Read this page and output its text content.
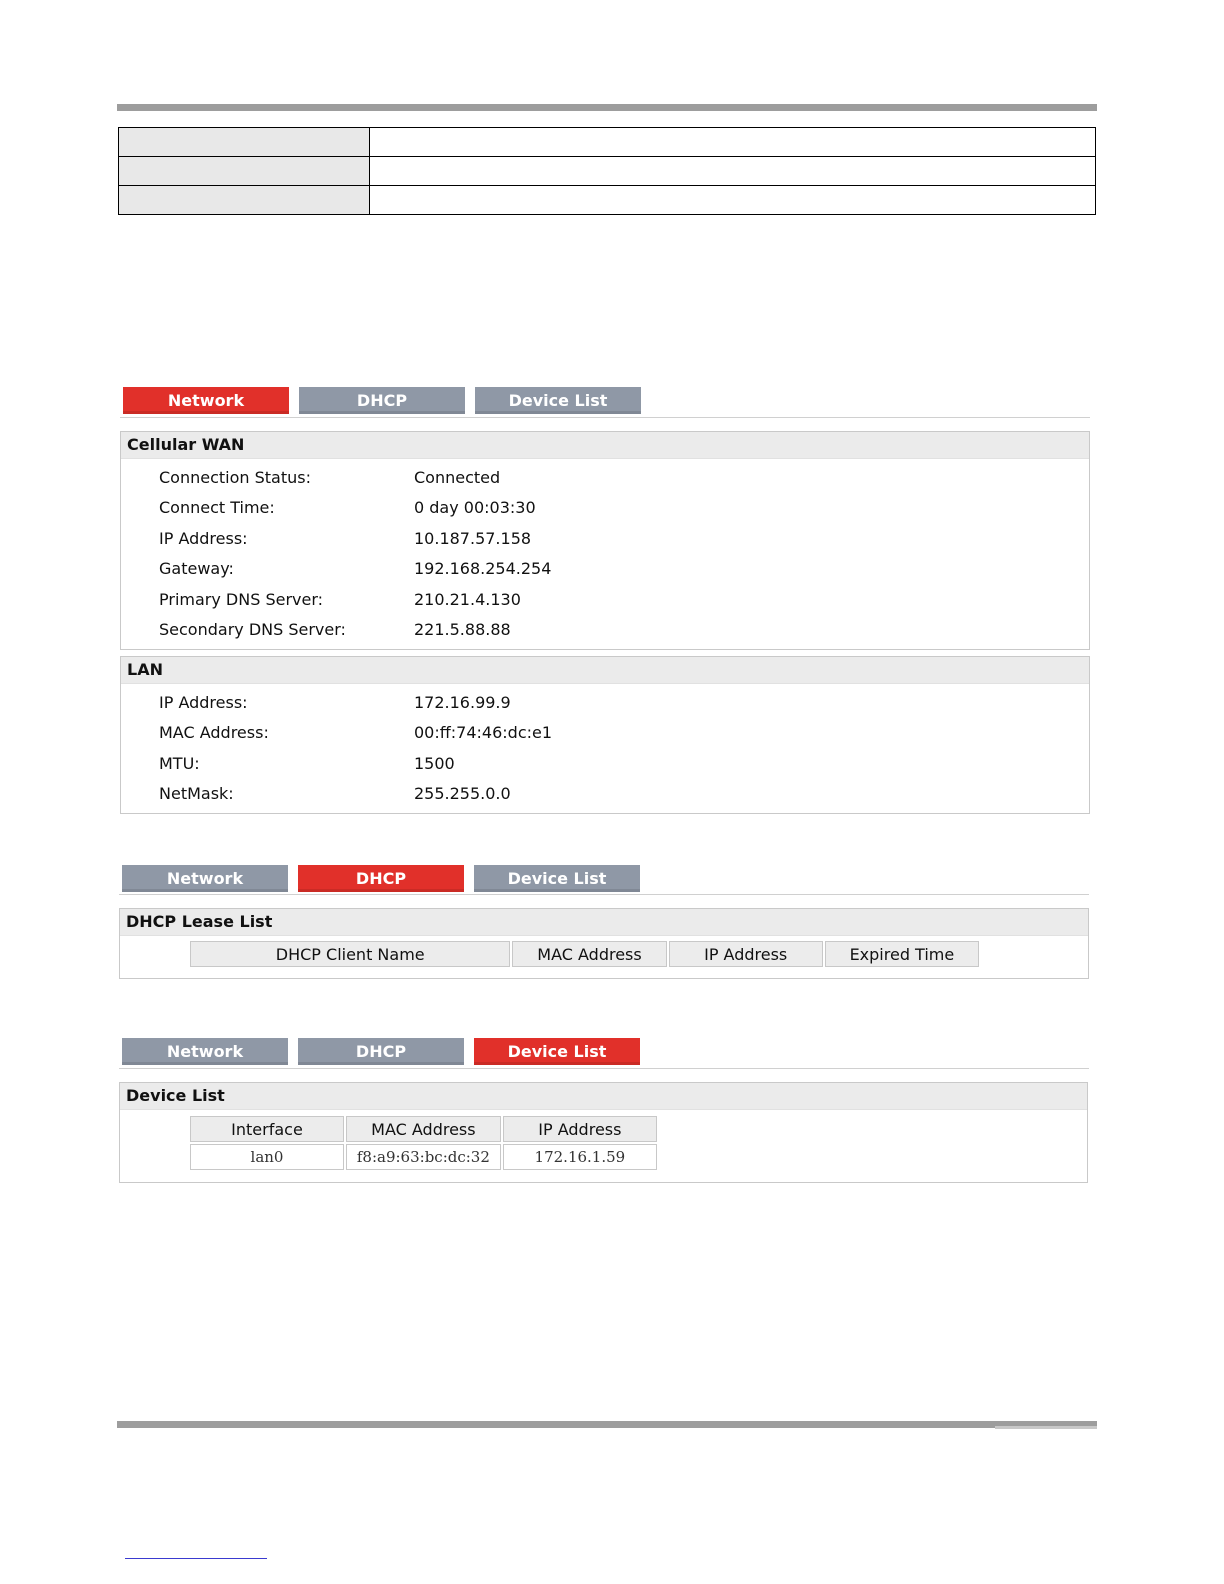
Network	DHCP	Device List
Cellular WAN
Connection Status:	Connected
Connect Time:	0 day 00:03:30
IP Address:	10.187.57.158
Gateway:	192.168.254.254
Primary DNS Server:	210.21.4.130
Secondary DNS Server:	221.5.88.88
LAN
IP Address:	172.16.99.9
MAC Address:	00:ff:74:46:dc:e1
MTU:	1500
NetMask:	255.255.0.0
Network	DHCP	Device List
DHCP Lease List
DHCP Client Name	MAC Address	IP Address	Expired Time
Network	DHCP	Device List
Device List
Interface	MAC Address	IP Address
lan0	f8:a9:63:bc:dc:32	172.16.1.59
